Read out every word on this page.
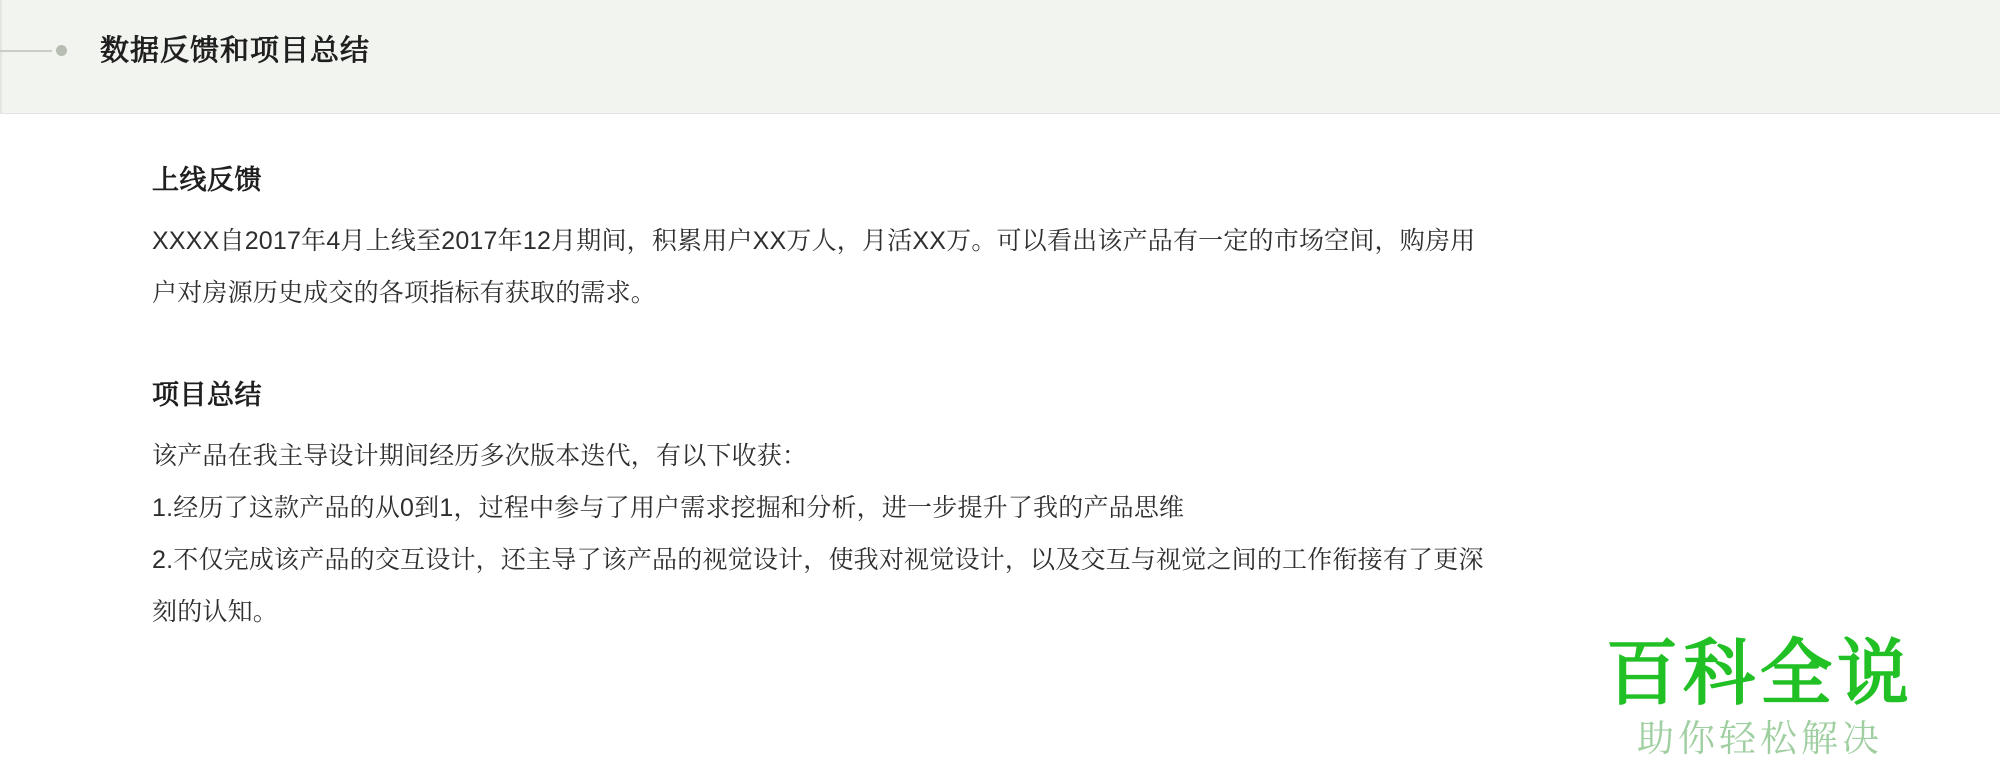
数据反馈和项目总结
上线反馈

XXXX自2017年4月上线至2017年12月期间，积累用户XX万人，月活XX万。可以看出该产品有一定的市场空间，购房用户对房源历史成交的各项指标有获取的需求。

项目总结

该产品在我主导设计期间经历多次版本迭代，有以下收获：

1.经历了这款产品的从0到1，过程中参与了用户需求挖掘和分析，进一步提升了我的产品思维

2.不仅完成该产品的交互设计，还主导了该产品的视觉设计，使我对视觉设计，以及交互与视觉之间的工作衔接有了更深刻的认知。

百科全说
助你轻松解决
